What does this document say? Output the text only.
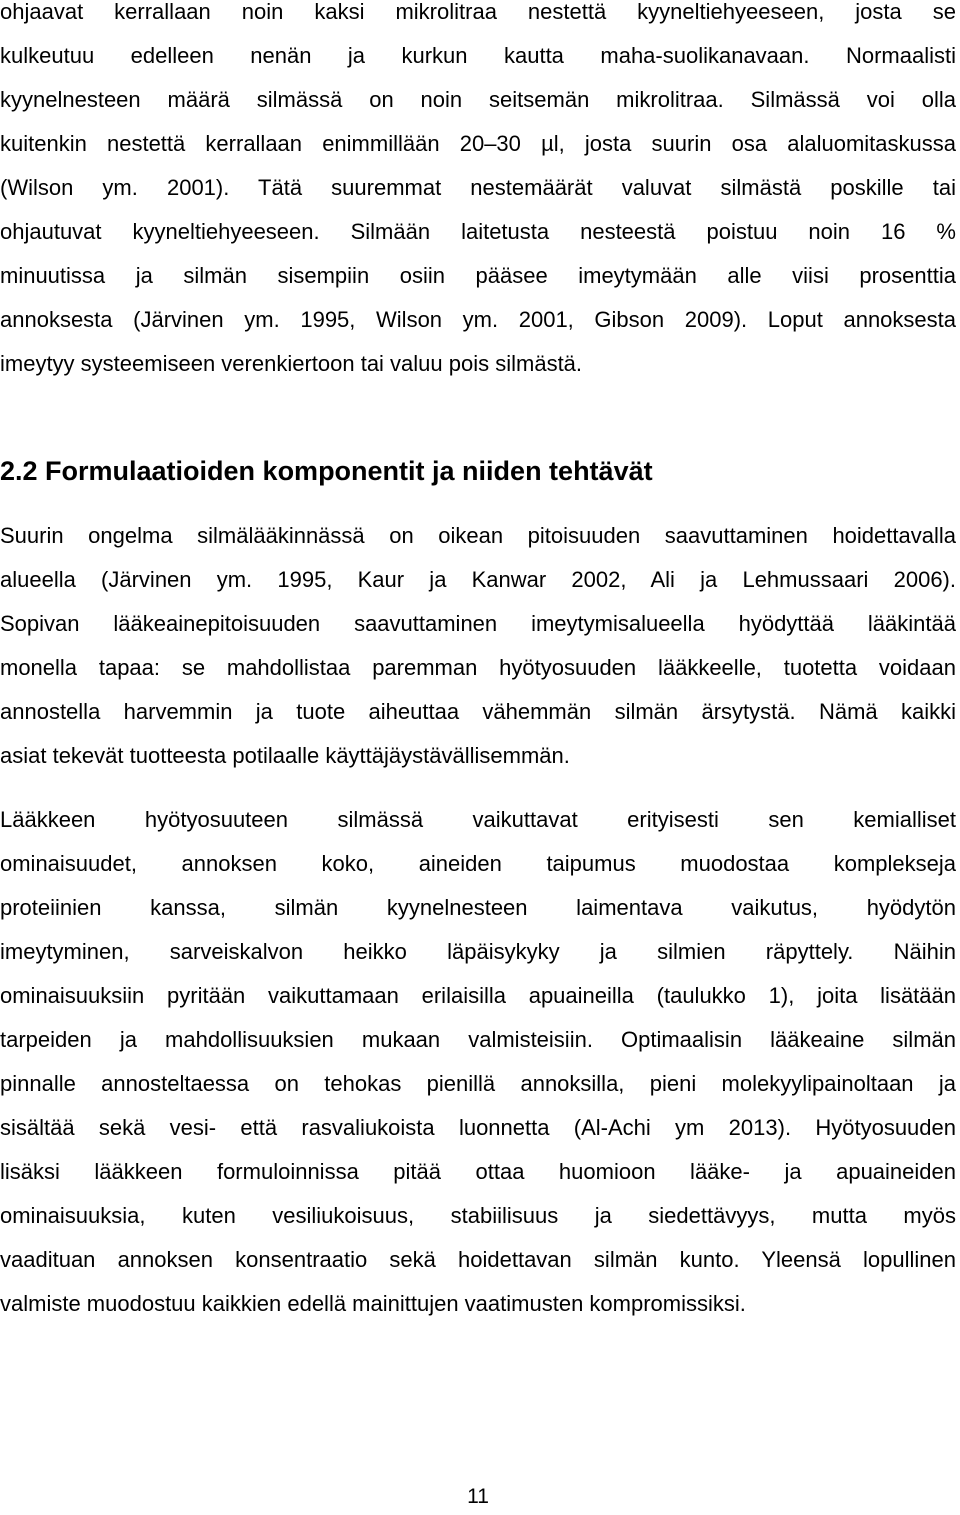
ohjaavat kerrallaan noin kaksi mikrolitraa nestettä kyyneltiehyeeseen, josta se
kulkeutuu edelleen nenän ja kurkun kautta maha-suolikanavaan. Normaalisti
kyynelnesteen määrä silmässä on noin seitsemän mikrolitraa. Silmässä voi olla
kuitenkin nestettä kerrallaan enimmillään 20–30 µl, josta suurin osa alaluomitaskussa
(Wilson ym. 2001). Tätä suuremmat nestemäärät valuvat silmästä poskille tai
ohjautuvat kyyneltiehyeeseen. Silmään laitetusta nesteestä poistuu noin 16 %
minuutissa ja silmän sisempiin osiin pääsee imeytymään alle viisi prosenttia
annoksesta (Järvinen ym. 1995, Wilson ym. 2001, Gibson 2009). Loput annoksesta
imeytyy systeemiseen verenkiertoon tai valuu pois silmästä.
2.2 Formulaatioiden komponentit ja niiden tehtävät
Suurin ongelma silmälääkinnässä on oikean pitoisuuden saavuttaminen hoidettavalla
alueella (Järvinen ym. 1995, Kaur ja Kanwar 2002, Ali ja Lehmussaari 2006).
Sopivan lääkeainepitoisuuden saavuttaminen imeytymisalueella hyödyttää lääkintää
monella tapaa: se mahdollistaa paremman hyötyosuuden lääkkeelle, tuotetta voidaan
annostella harvemmin ja tuote aiheuttaa vähemmän silmän ärsytystä. Nämä kaikki
asiat tekevät tuotteesta potilaalle käyttäjäystävällisemmän.
Lääkkeen hyötyosuuteen silmässä vaikuttavat erityisesti sen kemialliset
ominaisuudet, annoksen koko, aineiden taipumus muodostaa komplekseja
proteiinien kanssa, silmän kyynelnesteen laimentava vaikutus, hyödytön
imeytyminen, sarveiskalvon heikko läpäisykyky ja silmien räpyttely. Näihin
ominaisuuksiin pyritään vaikuttamaan erilaisilla apuaineilla (taulukko 1), joita lisätään
tarpeiden ja mahdollisuuksien mukaan valmisteisiin. Optimaalisin lääkeaine silmän
pinnalle annosteltaessa on tehokas pienillä annoksilla, pieni molekyylipainoltaan ja
sisältää sekä vesi- että rasvaliukoista luonnetta (Al-Achi ym 2013). Hyötyosuuden
lisäksi lääkkeen formuloinnissa pitää ottaa huomioon lääke- ja apuaineiden
ominaisuuksia, kuten vesiliukoisuus, stabiilisuus ja siedettävyys, mutta myös
vaadituan annoksen konsentraatio sekä hoidettavan silmän kunto. Yleensä lopullinen
valmiste muodostuu kaikkien edellä mainittujen vaatimusten kompromissiksi.
11
